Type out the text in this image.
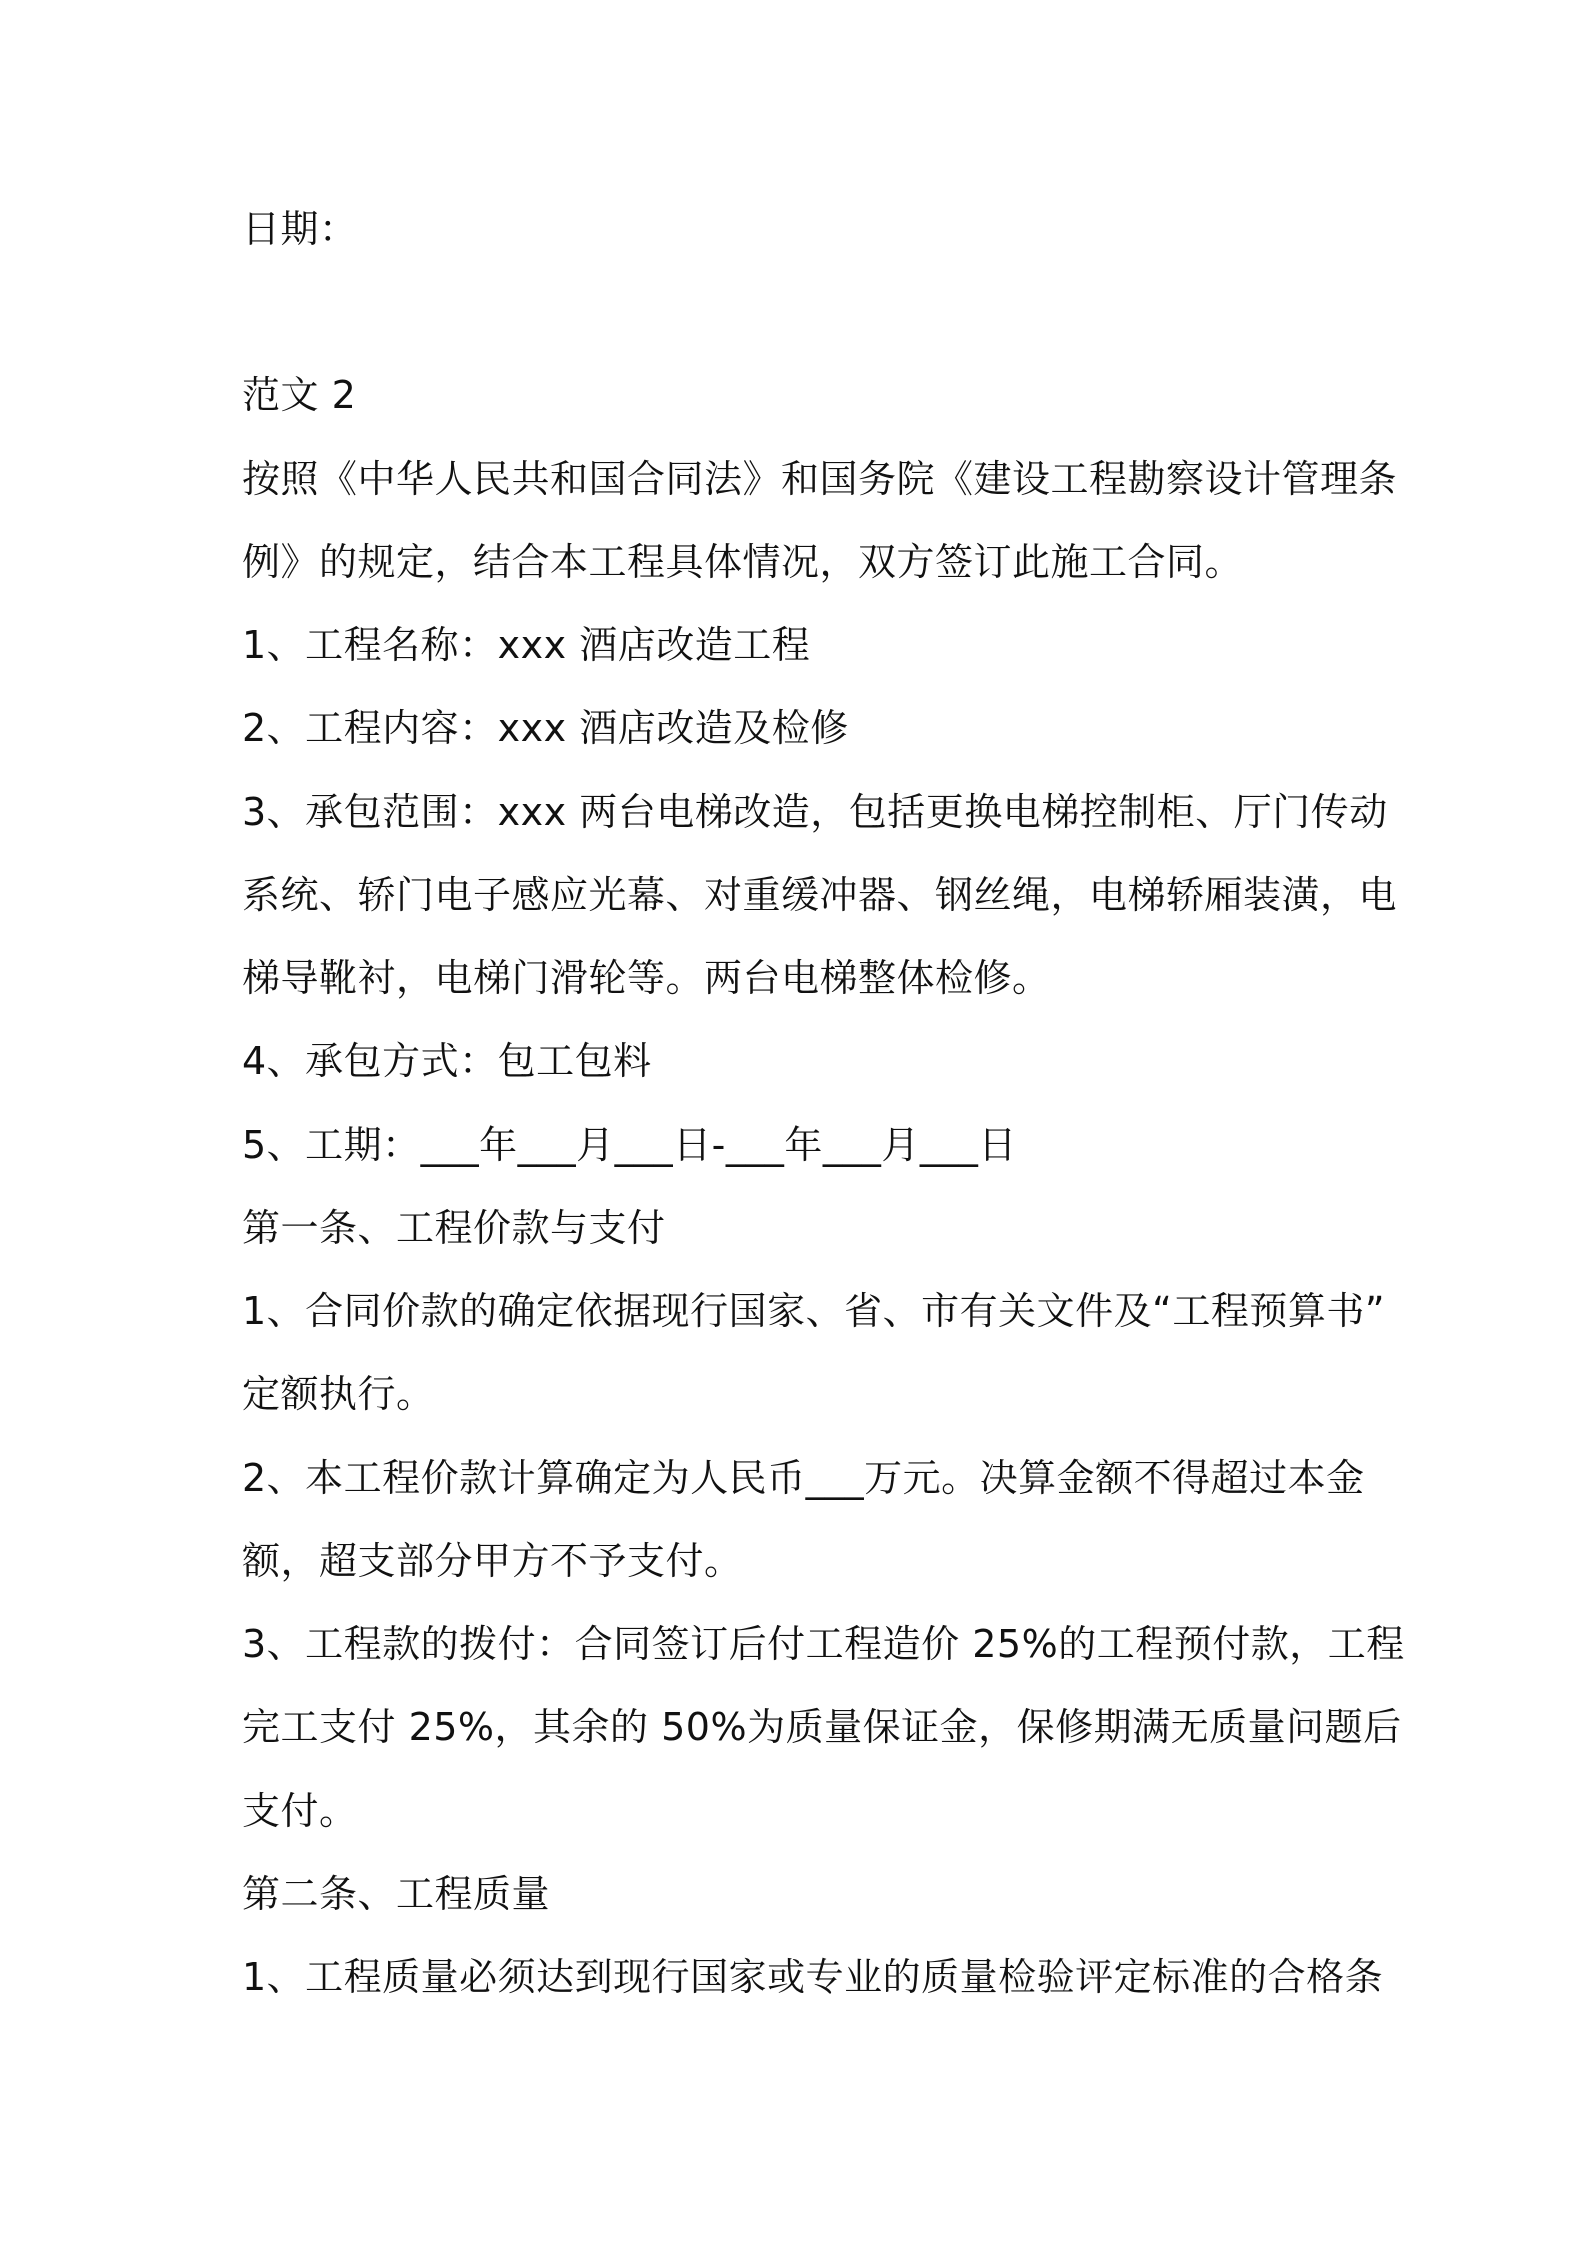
日期：
范文 2
按照《中华人民共和国合同法》和国务院《建设工程勘察设计管理条
例》的规定，结合本工程具体情况，双方签订此施工合同。
1、工程名称：xxx 酒店改造工程
2、工程内容：xxx 酒店改造及检修
3、承包范围：xxx 两台电梯改造，包括更换电梯控制柜、厅门传动
系统、轿门电子感应光幕、对重缓冲器、钢丝绳，电梯轿厢装潢，电
梯导靴衬，电梯门滑轮等。两台电梯整体检修。
4、承包方式：包工包料
5、工期：___年___月___日-___年___月___日
第一条、工程价款与支付
1、合同价款的确定依据现行国家、省、市有关文件及“工程预算书”
定额执行。
2、本工程价款计算确定为人民币___万元。决算金额不得超过本金
额，超支部分甲方不予支付。
3、工程款的拨付：合同签订后付工程造价 25%的工程预付款，工程
完工支付 25%，其余的 50%为质量保证金，保修期满无质量问题后
支付。
第二条、工程质量
1、工程质量必须达到现行国家或专业的质量检验评定标准的合格条
